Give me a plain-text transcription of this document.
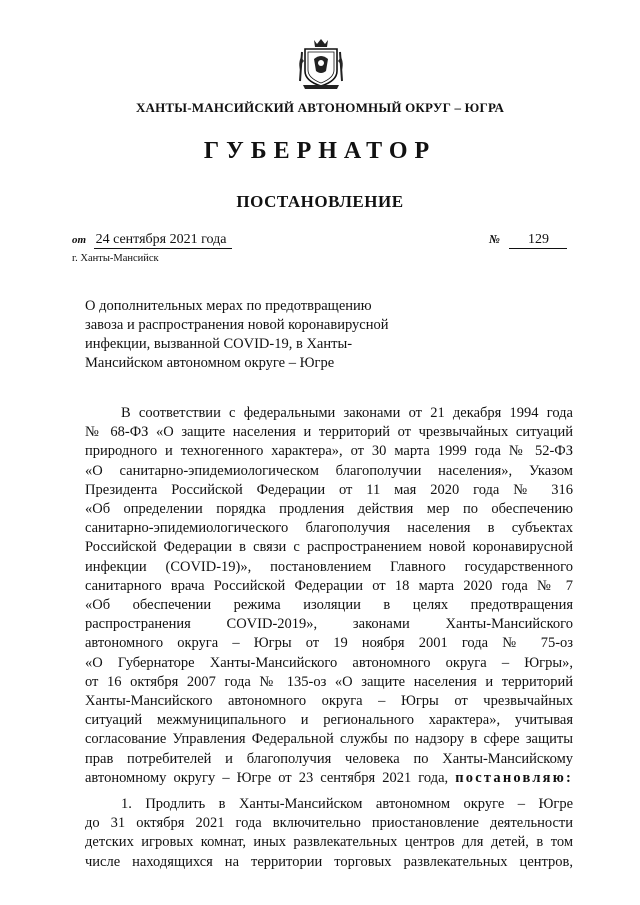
ХАНТЫ-МАНСИЙСКИЙ АВТОНОМНЫЙ ОКРУГ – ЮГРА
ГУБЕРНАТОР
ПОСТАНОВЛЕНИЕ
от 24 сентября 2021 года	№ 129
г. Ханты-Мансийск
О дополнительных мерах по предотвращению
завоза и распространения новой коронавирусной
инфекции, вызванной COVID-19, в Ханты-
Мансийском автономном округе – Югре
В соответствии с федеральными законами от 21 декабря 1994 года
№ 68-ФЗ «О защите населения и территорий от чрезвычайных ситуаций
природного и техногенного характера», от 30 марта 1999 года № 52-ФЗ
«О санитарно-эпидемиологическом благополучии населения», Указом
Президента Российской Федерации от 11 мая 2020 года № 316
«Об определении порядка продления действия мер по обеспечению
санитарно-эпидемиологического благополучия населения в субъектах
Российской Федерации в связи с распространением новой коронавирусной
инфекции (COVID-19)», постановлением Главного государственного
санитарного врача Российской Федерации от 18 марта 2020 года № 7
«Об обеспечении режима изоляции в целях предотвращения
распространения COVID-2019», законами Ханты-Мансийского
автономного округа – Югры от 19 ноября 2001 года № 75-оз
«О Губернаторе Ханты-Мансийского автономного округа – Югры»,
от 16 октября 2007 года № 135-оз «О защите населения и территорий
Ханты-Мансийского автономного округа – Югры от чрезвычайных
ситуаций межмуниципального и регионального характера», учитывая
согласование Управления Федеральной службы по надзору в сфере защиты
прав потребителей и благополучия человека по Ханты-Мансийскому
автономному округу – Югре от 23 сентября 2021 года, постановляю:
1. Продлить в Ханты-Мансийском автономном округе – Югре
до 31 октября 2021 года включительно приостановление деятельности
детских игровых комнат, иных развлекательных центров для детей, в том
числе находящихся на территории торговых развлекательных центров,
